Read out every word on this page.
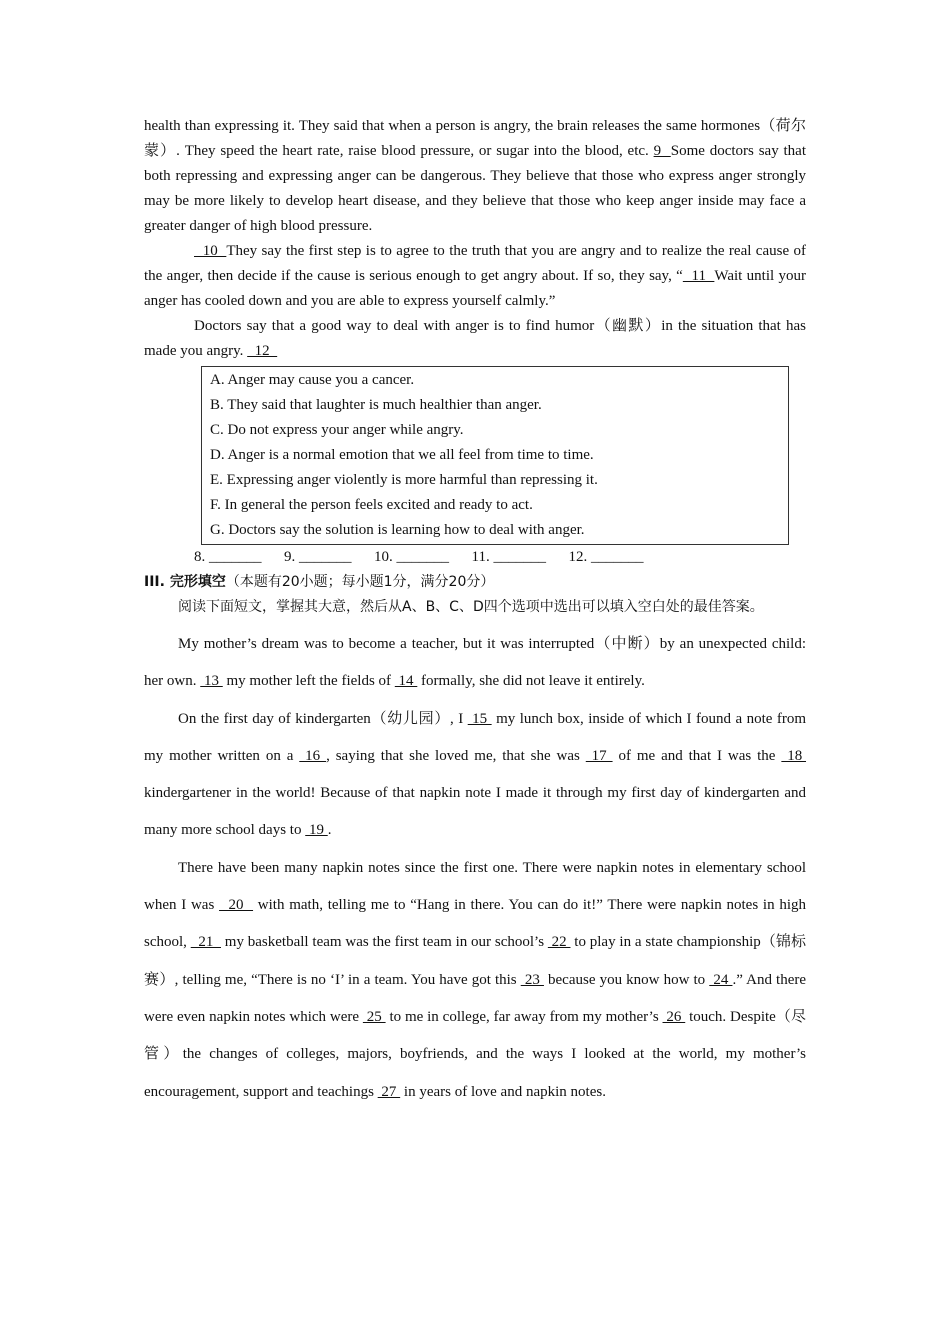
health than expressing it. They said that when a person is angry, the brain releases the same hormones（荷尔蒙）. They speed the heart rate, raise blood pressure, or sugar into the blood, etc. 9  Some doctors say that both repressing and expressing anger can be dangerous. They believe that those who express anger strongly may be more likely to develop heart disease, and they believe that those who keep anger inside may face a greater danger of high blood pressure.

10  They say the first step is to agree to the truth that you are angry and to realize the real cause of the anger, then decide if the cause is serious enough to get angry about. If so, they say, “  11  Wait until your anger has cooled down and you are able to express yourself calmly.”

Doctors say that a good way to deal with anger is to find humor（幽默）in the situation that has made you angry.   12

A. Anger may cause you a cancer.
B. They said that laughter is much healthier than anger.
C. Do not express your anger while angry.
D. Anger is a normal emotion that we all feel from time to time.
E. Expressing anger violently is more harmful than repressing it.
F. In general the person feels excited and ready to act.
G. Doctors say the solution is learning how to deal with anger.
8. _______      9. _______      10. _______      11. _______      12. _______
III. 完形填空（本题有20小题；每小题1分，满分20分）

阅读下面短文，掌握其大意，然后从A、B、C、D四个选项中选出可以填入空白处的最佳答案。

My mother’s dream was to become a teacher, but it was interrupted（中断）by an unexpected child: her own.  13  my mother left the fields of  14  formally, she did not leave it entirely.

On the first day of kindergarten（幼儿园）, I  15  my lunch box, inside of which I found a note from my mother written on a  16 , saying that she loved me, that she was  17  of me and that I was the  18  kindergartener in the world! Because of that napkin note I made it through my first day of kindergarten and many more school days to  19 .

There have been many napkin notes since the first one. There were napkin notes in elementary school when I was   20   with math, telling me to “Hang in there. You can do it!” There were napkin notes in high school,   21   my basketball team was the first team in our school’s  22  to play in a state championship（锦标赛）, telling me, “There is no ‘I’ in a team. You have got this  23  because you know how to  24 .” And there were even napkin notes which were  25  to me in college, far away from my mother’s  26  touch. Despite（尽管）the changes of colleges, majors, boyfriends, and the ways I looked at the world, my mother’s encouragement, support and teachings  27  in years of love and napkin notes.
